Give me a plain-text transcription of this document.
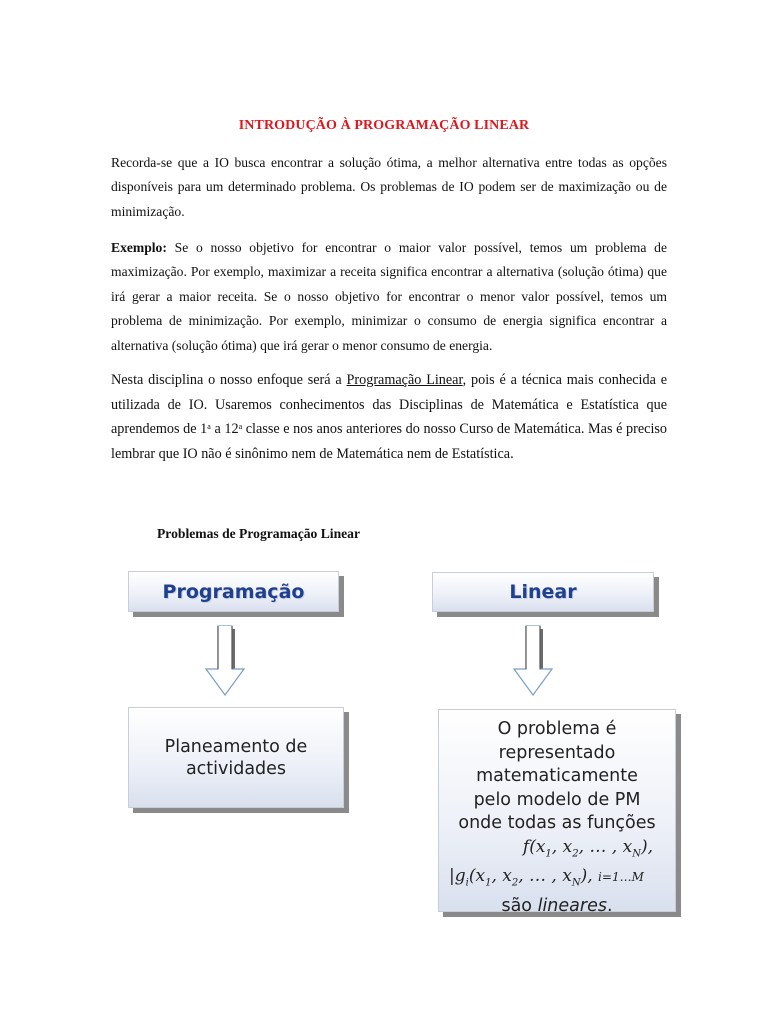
INTRODUÇÃO À PROGRAMAÇÃO LINEAR

Recorda-se que a IO busca encontrar a solução ótima, a melhor alternativa entre todas as opções disponíveis para um determinado problema. Os problemas de IO podem ser de maximização ou de minimização.

Exemplo: Se o nosso objetivo for encontrar o maior valor possível, temos um problema de maximização. Por exemplo, maximizar a receita significa encontrar a alternativa (solução ótima) que irá gerar a maior receita. Se o nosso objetivo for encontrar o menor valor possível, temos um problema de minimização. Por exemplo, minimizar o consumo de energia significa encontrar a alternativa (solução ótima) que irá gerar o menor consumo de energia.

Nesta disciplina o nosso enfoque será a Programação Linear, pois é a técnica mais conhecida e utilizada de IO. Usaremos conhecimentos das Disciplinas de Matemática e Estatística que aprendemos de 1$^a$ a 12$^a$ classe e nos anos anteriores do nosso Curso de Matemática. Mas é preciso lembrar que IO não é sinônimo nem de Matemática nem de Estatística.

Problemas de Programação Linear
Programação	Linear
Planeamento de
actividades
O problema é
representado
matematicamente
pelo modelo de PM
onde todas as funções
$f(x_1$, $x_2$, … , $x_N$),
$|g_i(x_1$, $x_2$, … , $x_N$), i=1…M
são lineares.
